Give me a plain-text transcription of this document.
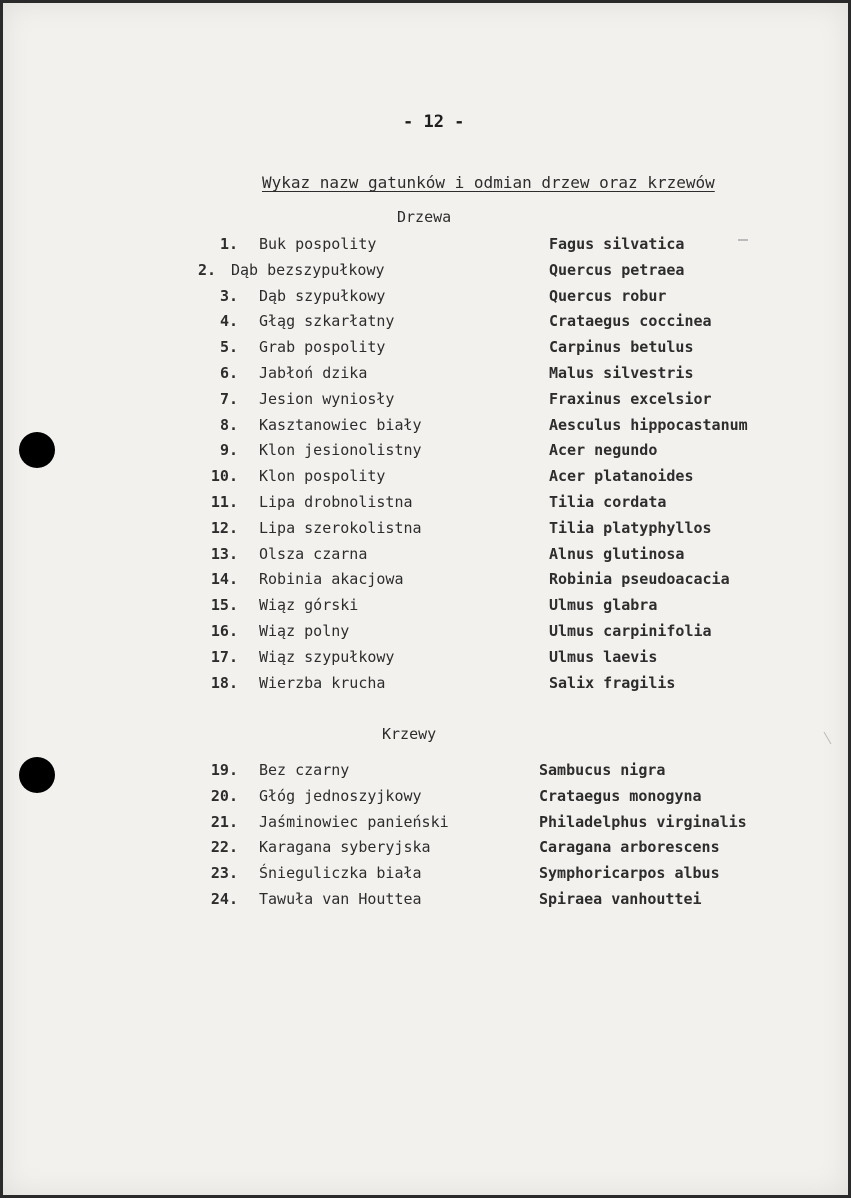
- 12 -
Wykaz nazw gatunków i odmian drzew oraz krzewów
Drzewa
Krzewy
1. Buk pospolity	Fagus silvatica
2. Dąb bezszypułkowy	Quercus petraea
3. Dąb szypułkowy	Quercus robur
4. Głąg szkarłatny	Crataegus coccinea
5. Grab pospolity	Carpinus betulus
6. Jabłoń dzika	Malus silvestris
7. Jesion wyniosły	Fraxinus excelsior
8. Kasztanowiec biały	Aesculus hippocastanum
9. Klon jesionolistny	Acer negundo
10. Klon pospolity	Acer platanoides
11. Lipa drobnolistna	Tilia cordata
12. Lipa szerokolistna	Tilia platyphyllos
13. Olsza czarna	Alnus glutinosa
14. Robinia akacjowa	Robinia pseudoacacia
15. Wiąz górski	Ulmus glabra
16. Wiąz polny	Ulmus carpinifolia
17. Wiąz szypułkowy	Ulmus laevis
18. Wierzba krucha	Salix fragilis
19. Bez czarny	Sambucus nigra
20. Głóg jednoszyjkowy	Crataegus monogyna
21. Jaśminowiec panieński	Philadelphus virginalis
22. Karagana syberyjska	Caragana arborescens
23. Śnieguliczka biała	Symphoricarpos albus
24. Tawuła van Houttea	Spiraea vanhouttei
